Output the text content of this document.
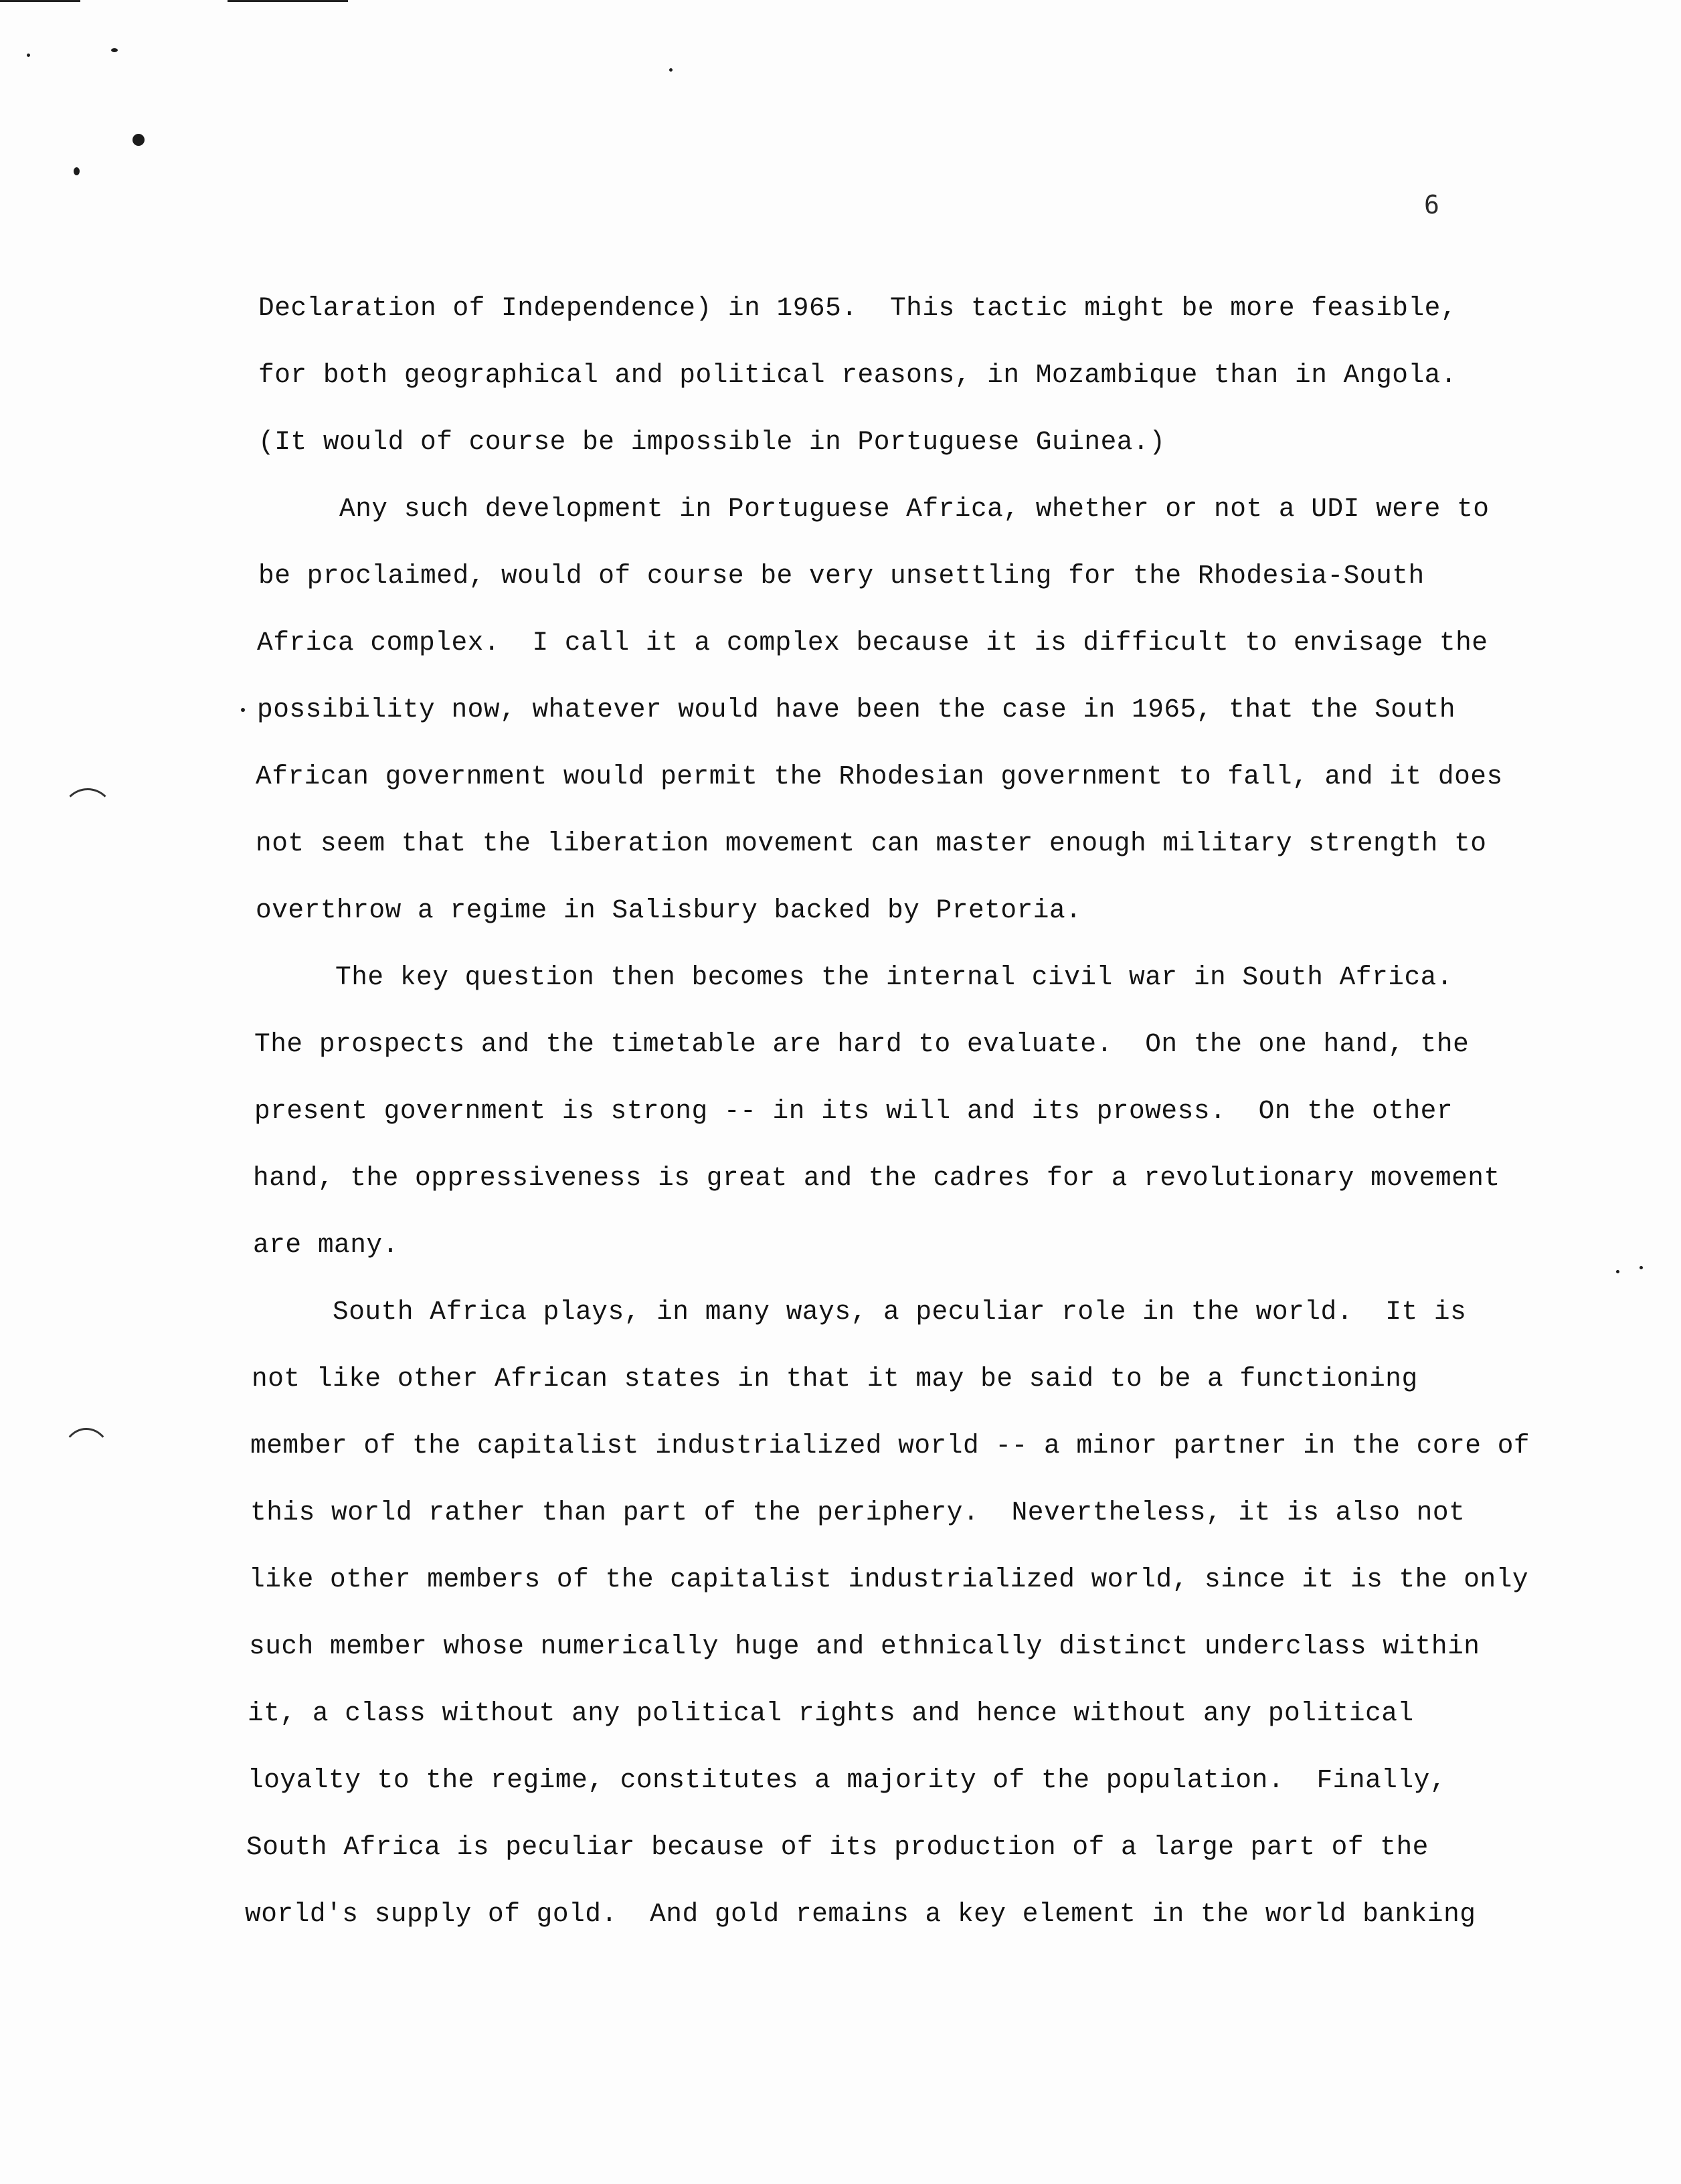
6
Declaration of Independence) in 1965.  This tactic might be more feasible,
for both geographical and political reasons, in Mozambique than in Angola.
(It would of course be impossible in Portuguese Guinea.)
Any such development in Portuguese Africa, whether or not a UDI were to
be proclaimed, would of course be very unsettling for the Rhodesia-South
Africa complex.  I call it a complex because it is difficult to envisage the
possibility now, whatever would have been the case in 1965, that the South
African government would permit the Rhodesian government to fall, and it does
not seem that the liberation movement can master enough military strength to
overthrow a regime in Salisbury backed by Pretoria.
The key question then becomes the internal civil war in South Africa.
The prospects and the timetable are hard to evaluate.  On the one hand, the
present government is strong -- in its will and its prowess.  On the other
hand, the oppressiveness is great and the cadres for a revolutionary movement
are many.
South Africa plays, in many ways, a peculiar role in the world.  It is
not like other African states in that it may be said to be a functioning
member of the capitalist industrialized world -- a minor partner in the core of
this world rather than part of the periphery.  Nevertheless, it is also not
like other members of the capitalist industrialized world, since it is the only
such member whose numerically huge and ethnically distinct underclass within
it, a class without any political rights and hence without any political
loyalty to the regime, constitutes a majority of the population.  Finally,
South Africa is peculiar because of its production of a large part of the
world's supply of gold.  And gold remains a key element in the world banking
